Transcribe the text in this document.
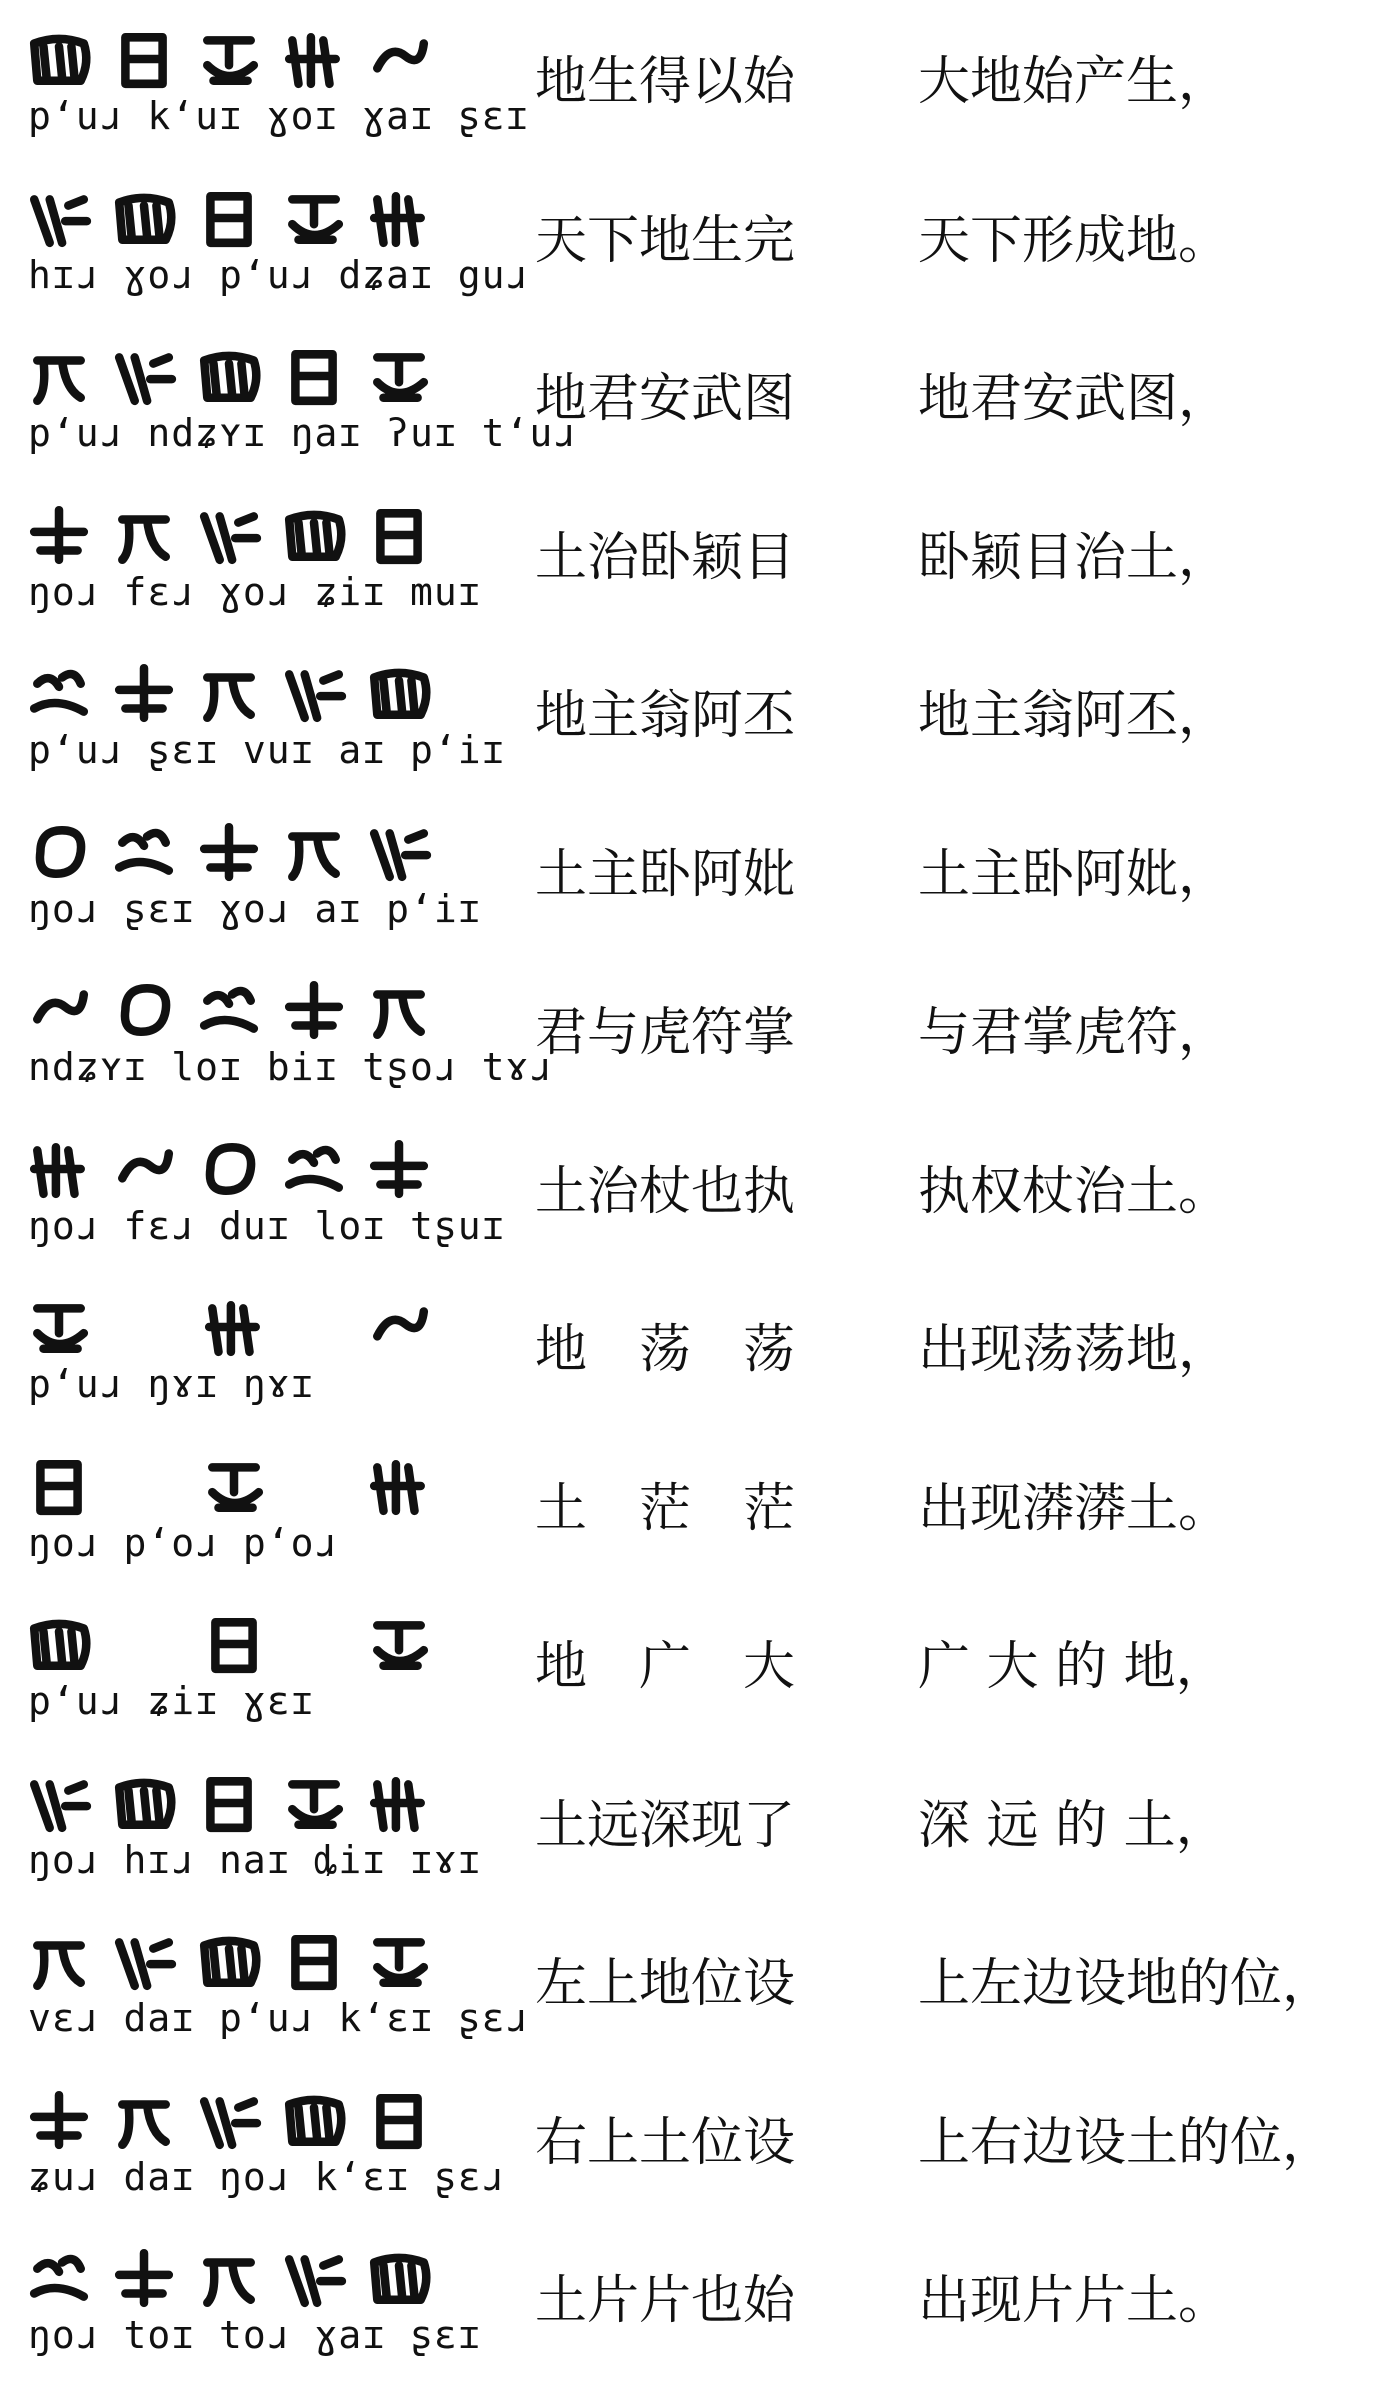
pʻuɹ kʻuɪ ɣoɪ ɣaɪ ʂɛɪ
地生得以始 大地始产生，
hɪɹ ɣoɹ pʻuɹ dʑaɪ guɹ
天下地生完 天下形成地。
pʻuɹ ndʑʏɪ ŋaɪ ʔuɪ tʻuɹ
地君安武图 地君安武图，
ŋoɹ fɛɹ ɣoɹ ʑiɪ muɪ
土治卧颖目 卧颖目治土，
pʻuɹ ʂɛɪ vuɪ aɪ pʻiɪ
地主翁阿丕 地主翁阿丕，
ŋoɹ ʂɛɪ ɣoɹ aɪ pʻiɪ
土主卧阿妣 土主卧阿妣，
ndʑʏɪ loɪ biɪ tʂoɹ tɤɹ
君与虎符掌 与君掌虎符，
ŋoɹ fɛɹ duɪ loɪ tʂuɪ
土治杖也执 执权杖治土。
pʻuɹ ŋɤɪ ŋɤɪ
地　荡　荡 出现荡荡地，
ŋoɹ pʻoɹ pʻoɹ
土　茫　茫 出现漭漭土。
pʻuɹ ʑiɪ ɣɛɪ
地　广　大 广 大 的 地，
ŋoɹ hɪɹ naɪ ȡiɪ ɪɤɪ
土远深现了 深 远 的 土，
vɛɹ daɪ pʻuɹ kʻɛɪ ʂɛɹ
左上地位设 上左边设地的位，
ʑuɹ daɪ ŋoɹ kʻɛɪ ʂɛɹ
右上土位设 上右边设土的位，
ŋoɹ toɪ toɹ ɣaɪ ʂɛɪ
土片片也始 出现片片土。
